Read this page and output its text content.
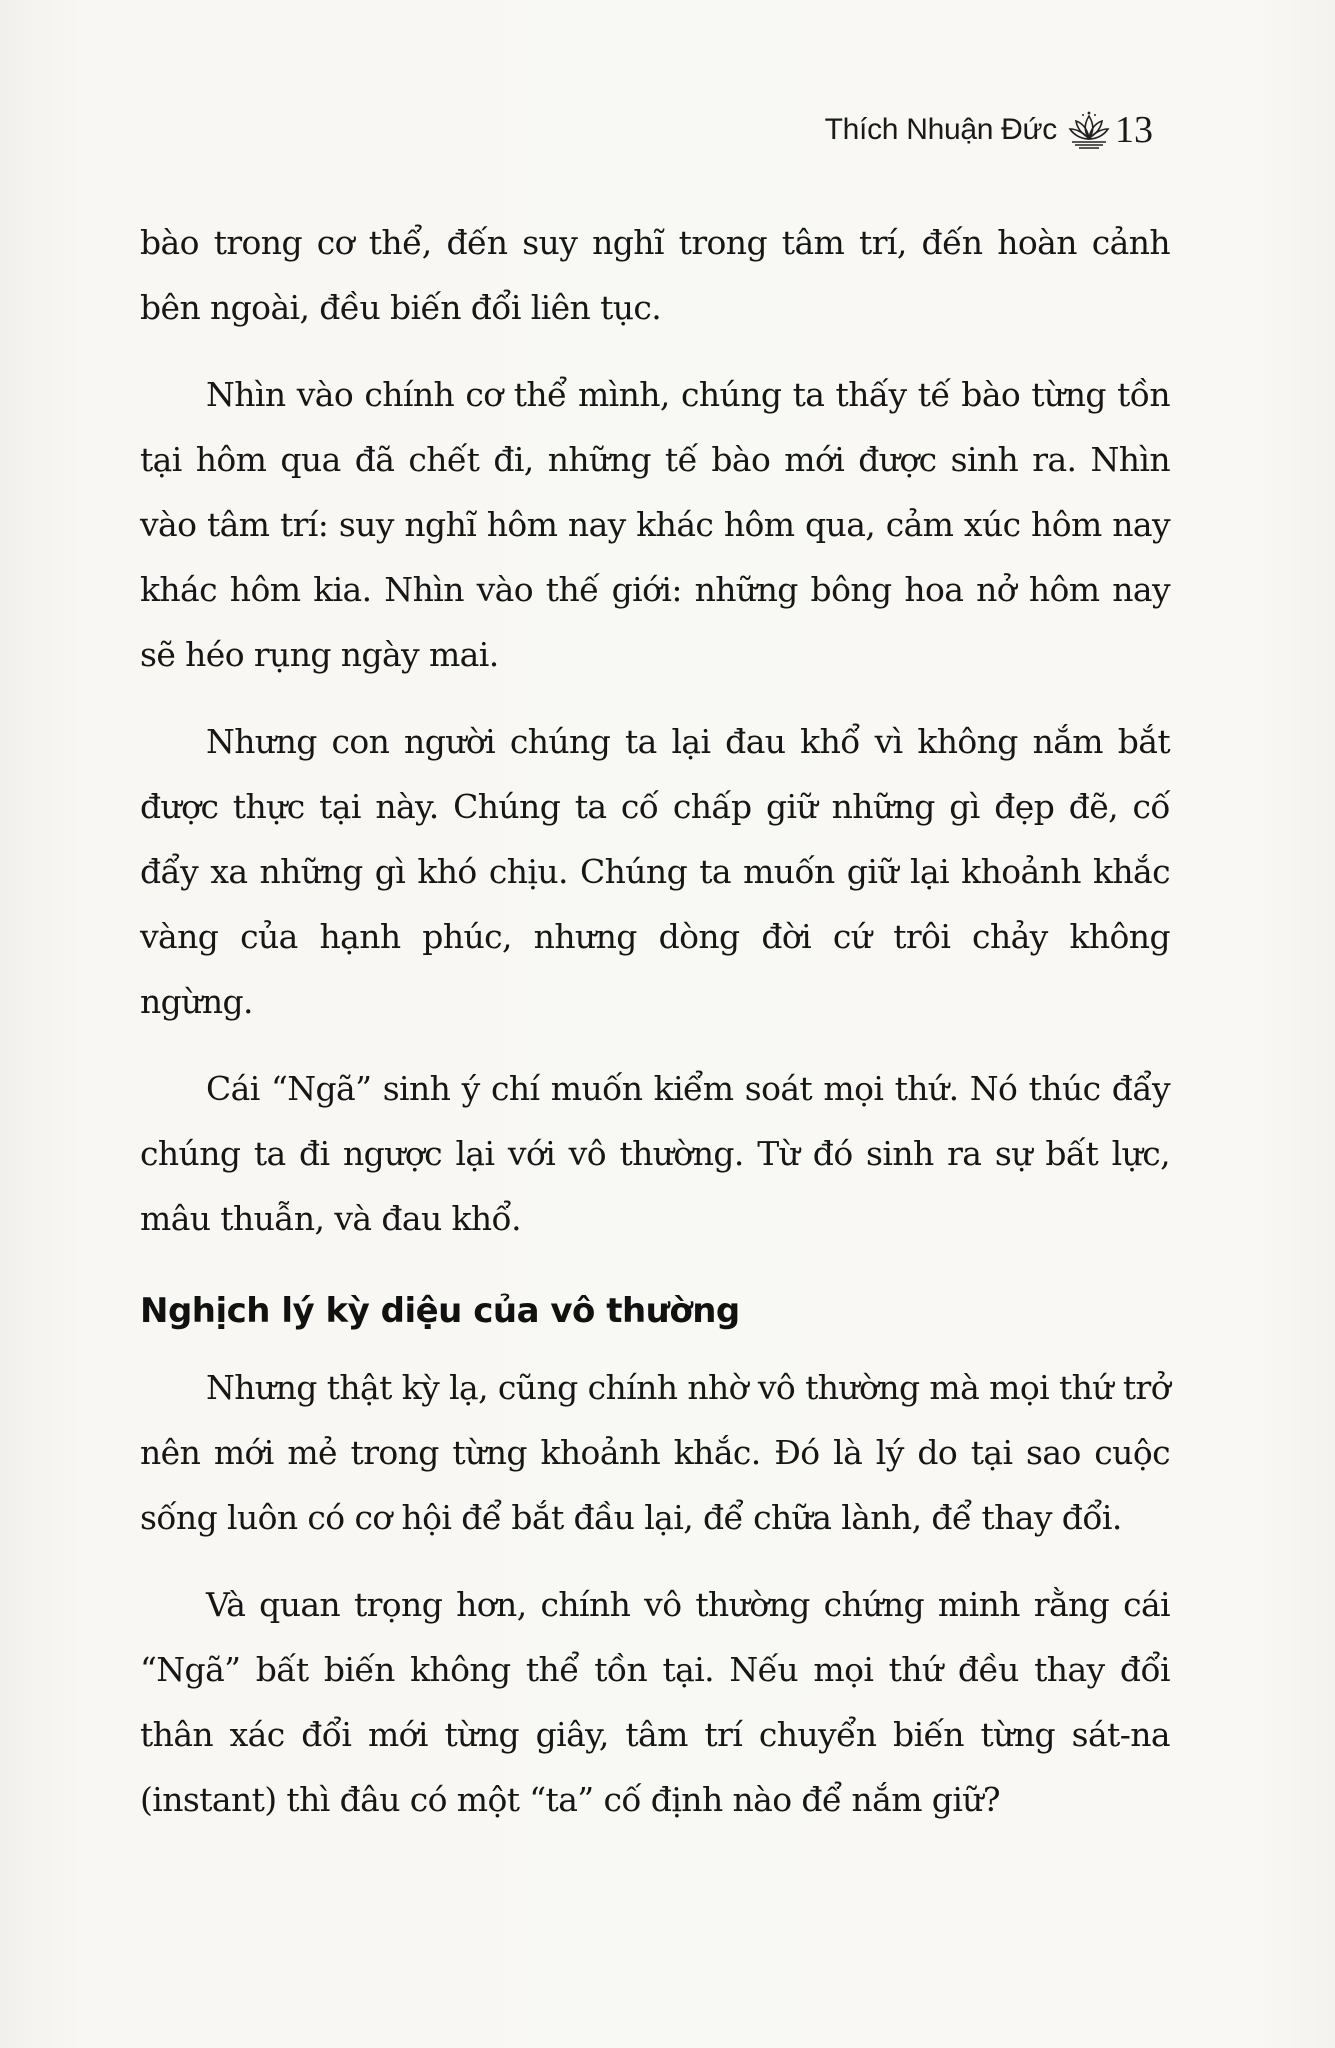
Thích Nhuận Đức 13

bào trong cơ thể, đến suy nghĩ trong tâm trí, đến hoàn cảnh bên ngoài, đều biến đổi liên tục.

Nhìn vào chính cơ thể mình, chúng ta thấy tế bào từng tồn tại hôm qua đã chết đi, những tế bào mới được sinh ra. Nhìn vào tâm trí: suy nghĩ hôm nay khác hôm qua, cảm xúc hôm nay khác hôm kia. Nhìn vào thế giới: những bông hoa nở hôm nay sẽ héo rụng ngày mai.

Nhưng con người chúng ta lại đau khổ vì không nắm bắt được thực tại này. Chúng ta cố chấp giữ những gì đẹp đẽ, cố đẩy xa những gì khó chịu. Chúng ta muốn giữ lại khoảnh khắc vàng của hạnh phúc, nhưng dòng đời cứ trôi chảy không ngừng.

Cái “Ngã” sinh ý chí muốn kiểm soát mọi thứ. Nó thúc đẩy chúng ta đi ngược lại với vô thường. Từ đó sinh ra sự bất lực, mâu thuẫn, và đau khổ.

Nghịch lý kỳ diệu của vô thường

Nhưng thật kỳ lạ, cũng chính nhờ vô thường mà mọi thứ trở nên mới mẻ trong từng khoảnh khắc. Đó là lý do tại sao cuộc sống luôn có cơ hội để bắt đầu lại, để chữa lành, để thay đổi.

Và quan trọng hơn, chính vô thường chứng minh rằng cái “Ngã” bất biến không thể tồn tại. Nếu mọi thứ đều thay đổi thân xác đổi mới từng giây, tâm trí chuyển biến từng sát-na (instant) thì đâu có một “ta” cố định nào để nắm giữ?
